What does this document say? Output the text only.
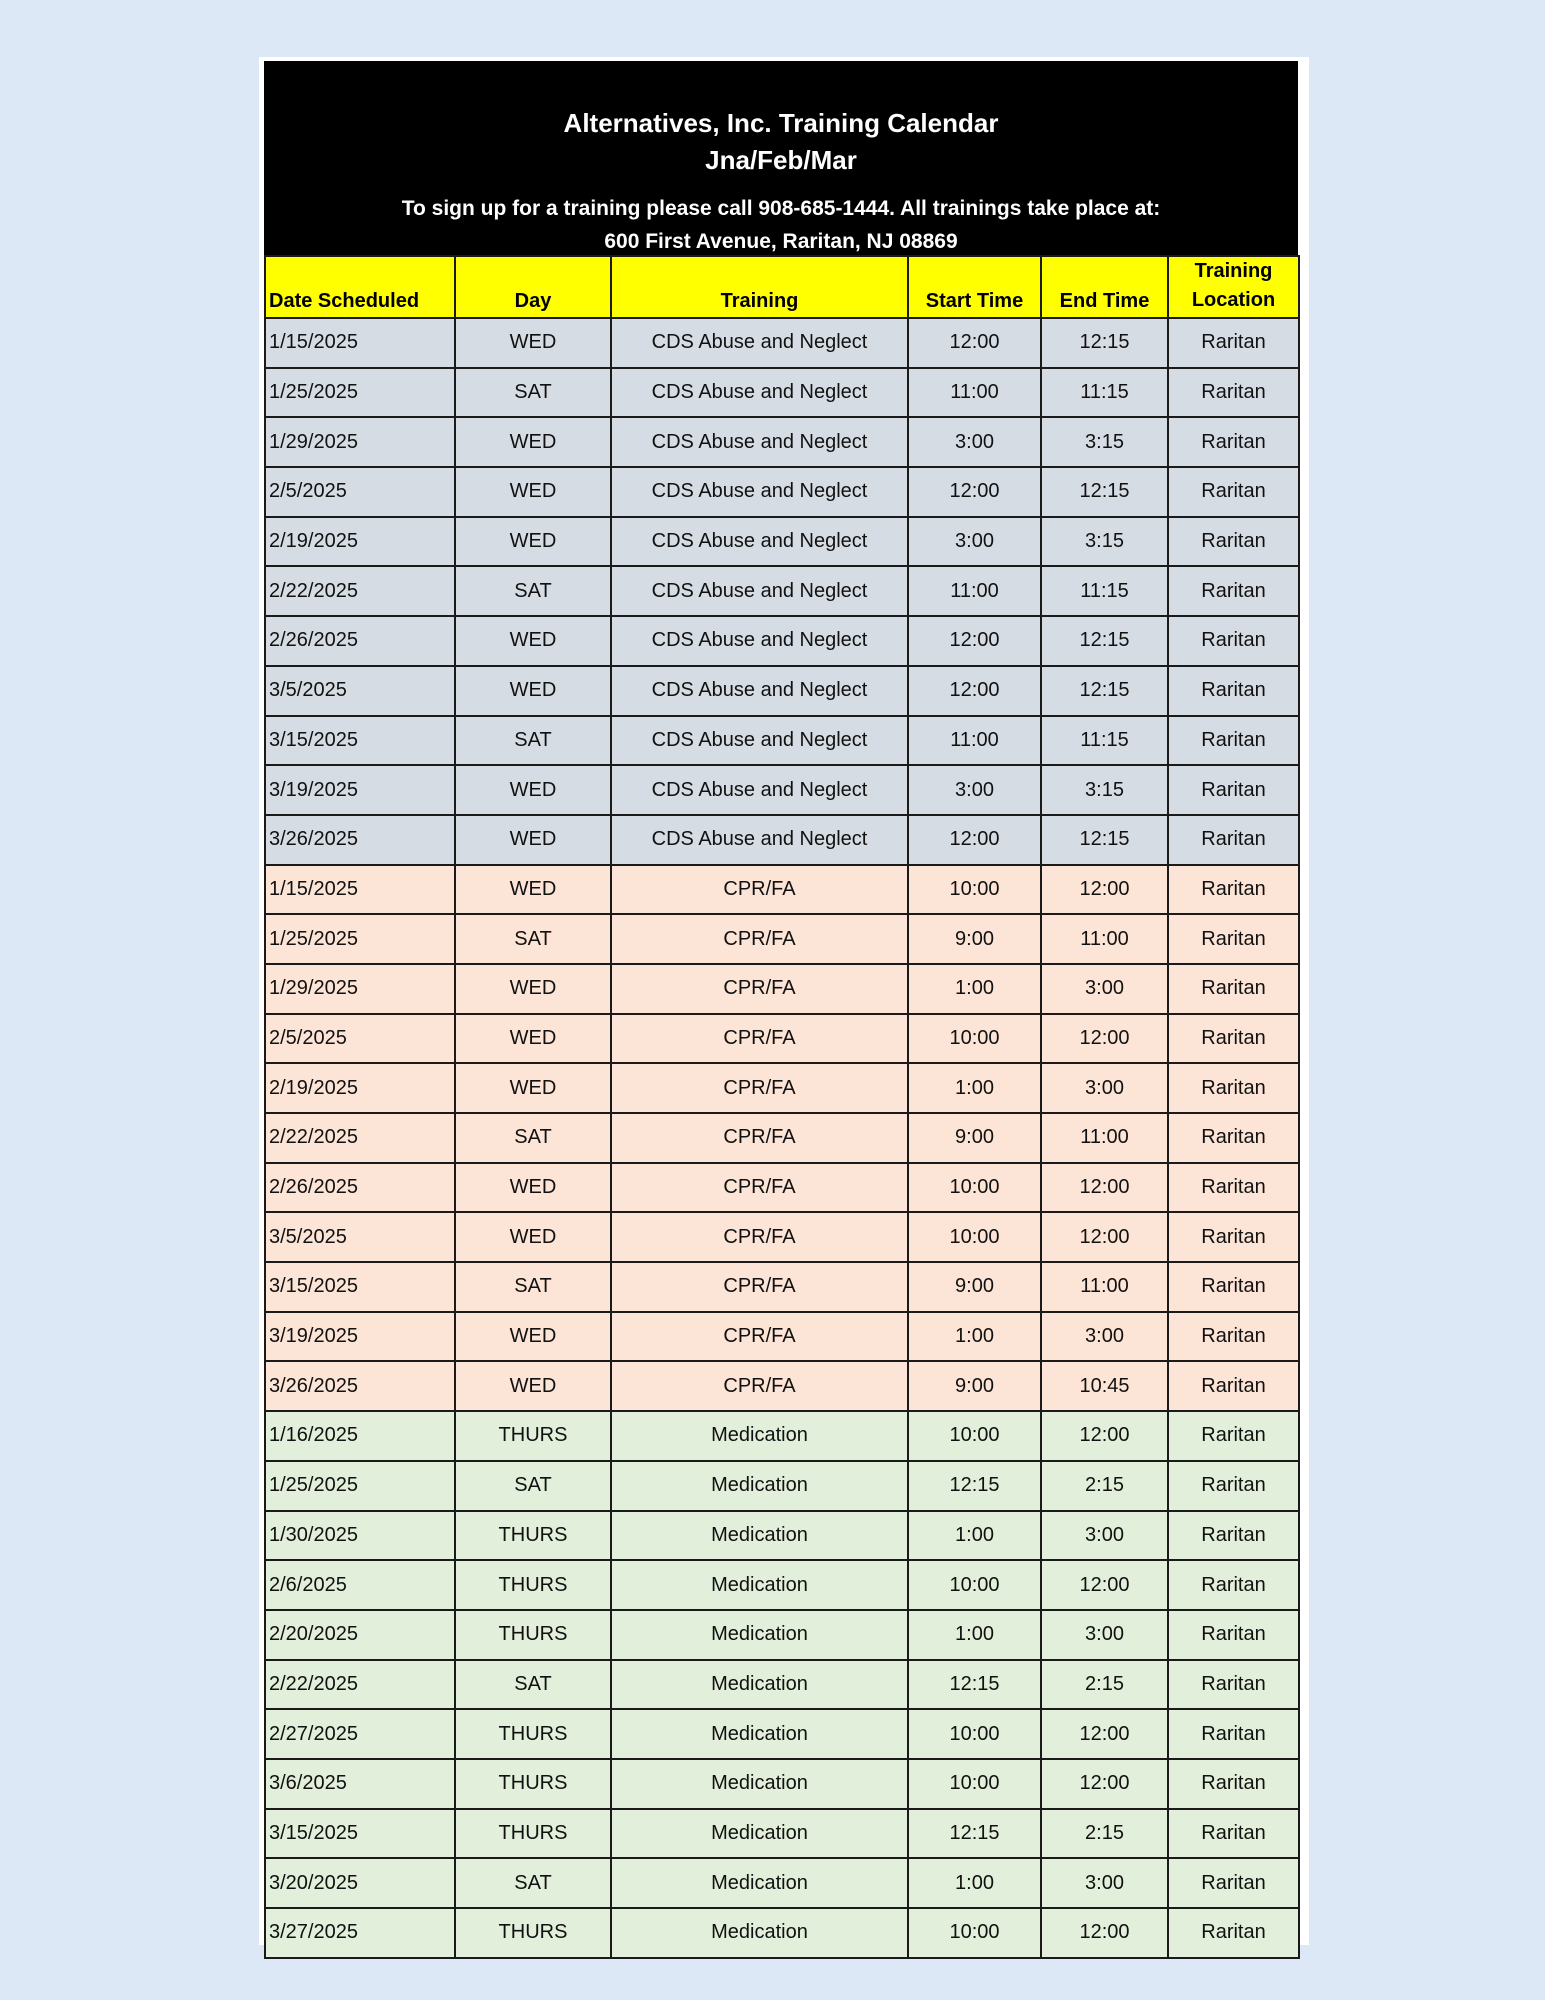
Alternatives, Inc. Training Calendar
Jna/Feb/Mar
To sign up for a training please call 908-685-1444. All trainings take place at:
600 First Avenue, Raritan, NJ 08869
Date Scheduled	Day	Training	Start Time	End Time	Training
Location

1/15/2025	WED	CDS Abuse and Neglect	12:00	12:15	Raritan
1/25/2025	SAT	CDS Abuse and Neglect	11:00	11:15	Raritan
1/29/2025	WED	CDS Abuse and Neglect	3:00	3:15	Raritan
2/5/2025	WED	CDS Abuse and Neglect	12:00	12:15	Raritan
2/19/2025	WED	CDS Abuse and Neglect	3:00	3:15	Raritan
2/22/2025	SAT	CDS Abuse and Neglect	11:00	11:15	Raritan
2/26/2025	WED	CDS Abuse and Neglect	12:00	12:15	Raritan
3/5/2025	WED	CDS Abuse and Neglect	12:00	12:15	Raritan
3/15/2025	SAT	CDS Abuse and Neglect	11:00	11:15	Raritan
3/19/2025	WED	CDS Abuse and Neglect	3:00	3:15	Raritan
3/26/2025	WED	CDS Abuse and Neglect	12:00	12:15	Raritan
1/15/2025	WED	CPR/FA	10:00	12:00	Raritan
1/25/2025	SAT	CPR/FA	9:00	11:00	Raritan
1/29/2025	WED	CPR/FA	1:00	3:00	Raritan
2/5/2025	WED	CPR/FA	10:00	12:00	Raritan
2/19/2025	WED	CPR/FA	1:00	3:00	Raritan
2/22/2025	SAT	CPR/FA	9:00	11:00	Raritan
2/26/2025	WED	CPR/FA	10:00	12:00	Raritan
3/5/2025	WED	CPR/FA	10:00	12:00	Raritan
3/15/2025	SAT	CPR/FA	9:00	11:00	Raritan
3/19/2025	WED	CPR/FA	1:00	3:00	Raritan
3/26/2025	WED	CPR/FA	9:00	10:45	Raritan
1/16/2025	THURS	Medication	10:00	12:00	Raritan
1/25/2025	SAT	Medication	12:15	2:15	Raritan
1/30/2025	THURS	Medication	1:00	3:00	Raritan
2/6/2025	THURS	Medication	10:00	12:00	Raritan
2/20/2025	THURS	Medication	1:00	3:00	Raritan
2/22/2025	SAT	Medication	12:15	2:15	Raritan
2/27/2025	THURS	Medication	10:00	12:00	Raritan
3/6/2025	THURS	Medication	10:00	12:00	Raritan
3/15/2025	THURS	Medication	12:15	2:15	Raritan
3/20/2025	SAT	Medication	1:00	3:00	Raritan
3/27/2025	THURS	Medication	10:00	12:00	Raritan
